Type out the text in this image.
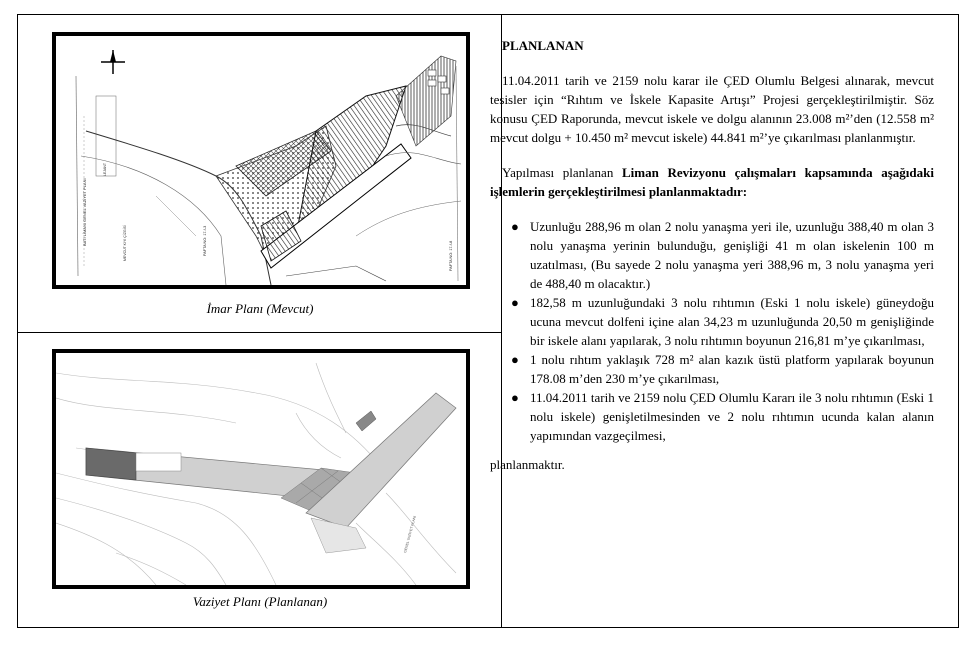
BATI LİMANI GENEL VAZİYET PLANI
LEJANT
PAFTA NO: 17-f-8
PAFTA NO: 17-f-3
MEVCUT KIYI ÇİZGİSİ
İmar Planı (Mevcut)
GENEL VAZİYET PLANI
Vaziyet Planı (Planlanan)
PLANLANAN

11.04.2011 tarih ve 2159 nolu karar ile ÇED Olumlu Belgesi alınarak, mevcut tesisler için “Rıhtım ve İskele Kapasite Artışı” Projesi gerçekleştirilmiştir. Söz konusu ÇED Raporunda, mevcut iskele ve dolgu alanının 23.008 m²’den (12.558 m² mevcut dolgu + 10.450 m² mevcut iskele) 44.841 m²’ye çıkarılması planlanmıştır.

Yapılması planlanan Liman Revizyonu çalışmaları kapsamında aşağıdaki işlemlerin gerçekleştirilmesi planlanmaktadır:

● Uzunluğu 288,96 m olan 2 nolu yanaşma yeri ile, uzunluğu 388,40 m olan 3 nolu yanaşma yerinin bulunduğu, genişliği 41 m olan iskelenin 100 m uzatılması, (Bu sayede 2 nolu yanaşma yeri 388,96 m, 3 nolu yanaşma yeri de 488,40 m olacaktır.)
● 182,58 m uzunluğundaki 3 nolu rıhtımın (Eski 1 nolu iskele) güneydoğu ucuna mevcut dolfeni içine alan 34,23 m uzunluğunda 20,50 m genişliğinde bir iskele alanı yapılarak, 3 nolu rıhtımın boyunun 216,81 m’ye çıkarılması,
● 1 nolu rıhtım yaklaşık 728 m² alan kazık üstü platform yapılarak boyunun 178.08 m’den 230 m’ye çıkarılması,
● 11.04.2011 tarih ve 2159 nolu ÇED Olumlu Kararı ile 3 nolu rıhtımın (Eski 1 nolu iskele) genişletilmesinden ve 2 nolu rıhtımın ucunda kalan alanın yapımından vazgeçilmesi,

planlanmaktır.
